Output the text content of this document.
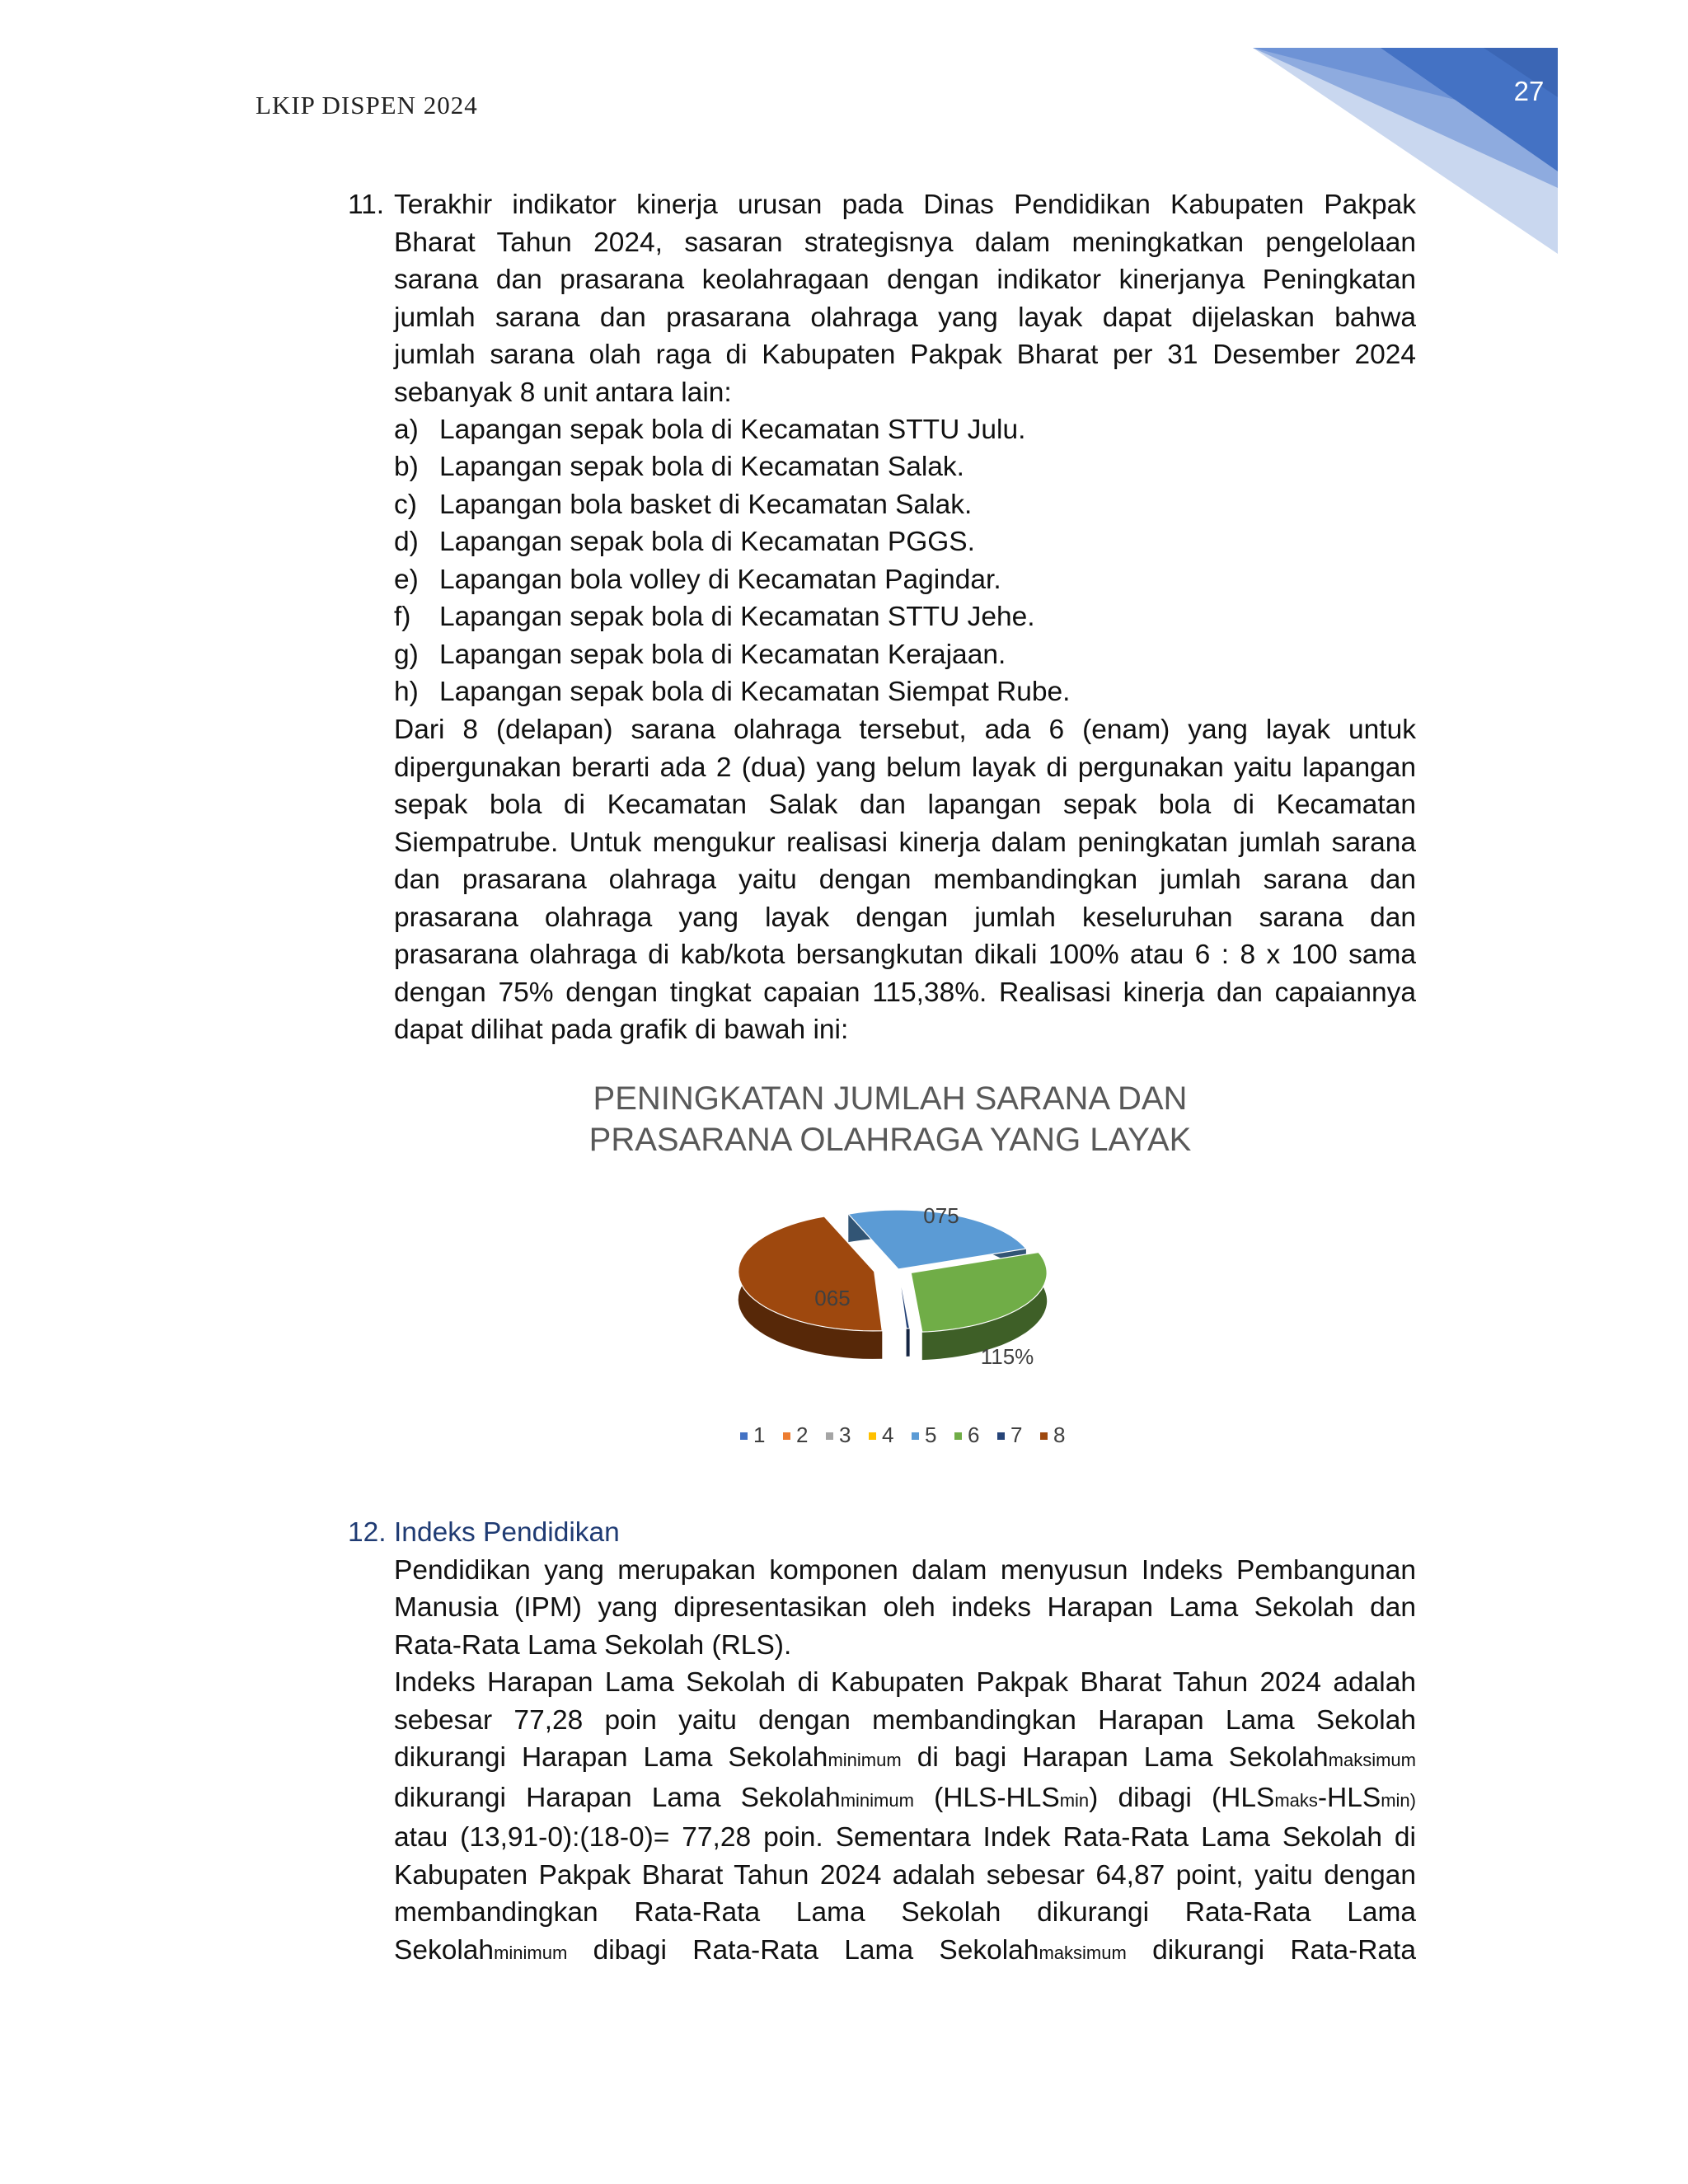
27
LKIP DISPEN 2024
11. Terakhir indikator kinerja urusan pada Dinas Pendidikan Kabupaten Pakpak
Bharat Tahun 2024, sasaran strategisnya dalam meningkatkan pengelolaan
sarana dan prasarana keolahragaan dengan indikator kinerjanya Peningkatan
jumlah sarana dan prasarana olahraga yang layak dapat dijelaskan bahwa
jumlah sarana olah raga di Kabupaten Pakpak Bharat per 31 Desember 2024
sebanyak 8 unit antara lain:
a) Lapangan sepak bola di Kecamatan STTU Julu.
b) Lapangan sepak bola di Kecamatan Salak.
c) Lapangan bola basket di Kecamatan Salak.
d) Lapangan sepak bola di Kecamatan PGGS.
e) Lapangan bola volley di Kecamatan Pagindar.
f) Lapangan sepak bola di Kecamatan STTU Jehe.
g) Lapangan sepak bola di Kecamatan Kerajaan.
h) Lapangan sepak bola di Kecamatan Siempat Rube.
Dari 8 (delapan) sarana olahraga tersebut, ada 6 (enam) yang layak untuk
dipergunakan berarti ada 2 (dua) yang belum layak di pergunakan yaitu lapangan
sepak bola di Kecamatan Salak dan lapangan sepak bola di Kecamatan
Siempatrube. Untuk mengukur realisasi kinerja dalam peningkatan jumlah sarana
dan prasarana olahraga yaitu dengan membandingkan jumlah sarana dan
prasarana olahraga yang layak dengan jumlah keseluruhan sarana dan
prasarana olahraga di kab/kota bersangkutan dikali 100% atau 6 : 8 x 100 sama
dengan 75% dengan tingkat capaian 115,38%. Realisasi kinerja dan capaiannya
dapat dilihat pada grafik di bawah ini:
PENINGKATAN JUMLAH SARANA DAN
PRASARANA OLAHRAGA YANG LAYAK
065
075
115%
1 2 3 4 5 6 7 8
12. Indeks Pendidikan
Pendidikan yang merupakan komponen dalam menyusun Indeks Pembangunan
Manusia (IPM) yang dipresentasikan oleh indeks Harapan Lama Sekolah dan
Rata-Rata Lama Sekolah (RLS).
Indeks Harapan Lama Sekolah di Kabupaten Pakpak Bharat Tahun 2024 adalah
sebesar 77,28 poin yaitu dengan membandingkan Harapan Lama Sekolah
dikurangi Harapan Lama Sekolahminimum di bagi Harapan Lama Sekolahmaksimum
dikurangi Harapan Lama Sekolahminimum (HLS-HLSmin) dibagi (HLSmaks-HLSmin)
atau (13,91-0):(18-0)= 77,28 poin. Sementara Indek Rata-Rata Lama Sekolah di
Kabupaten Pakpak Bharat Tahun 2024 adalah sebesar 64,87 point, yaitu dengan
membandingkan Rata-Rata Lama Sekolah dikurangi Rata-Rata Lama
Sekolahminimum dibagi Rata-Rata Lama Sekolahmaksimum dikurangi Rata-Rata
